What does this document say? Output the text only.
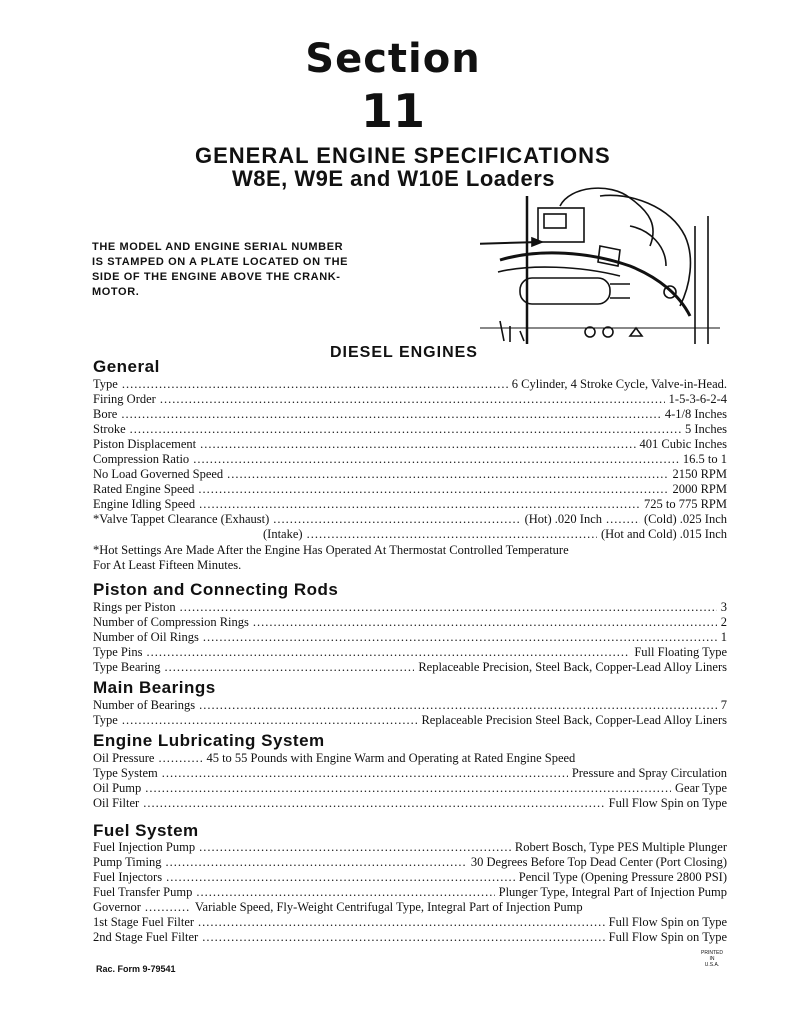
Section
11
GENERAL ENGINE SPECIFICATIONS
W8E, W9E and W10E Loaders
THE MODEL AND ENGINE SERIAL NUMBER
IS STAMPED ON A PLATE LOCATED ON THE
SIDE OF THE ENGINE ABOVE THE CRANK-
MOTOR.
DIESEL ENGINES
General
Type .....	6 Cylinder, 4 Stroke Cycle, Valve-in-Head.
Firing Order .....	1-5-3-6-2-4
Bore .....	4-1/8 Inches
Stroke .....	5 Inches
Piston Displacement .....	401 Cubic Inches
Compression Ratio .....	16.5 to 1
No Load Governed Speed .....	2150 RPM
Rated Engine Speed .....	2000 RPM
Engine Idling Speed .....	725 to 775 RPM
*Valve Tappet Clearance (Exhaust) .....	(Hot) .020 Inch .....	(Cold) .025 Inch
(Intake) .....	(Hot and Cold) .015 Inch
*Hot Settings Are Made After the Engine Has Operated At Thermostat Controlled Temperature
For At Least Fifteen Minutes.
Piston and Connecting Rods
Rings per Piston .....	3
Number of Compression Rings .....	2
Number of Oil Rings .....	1
Type Pins .....	Full Floating Type
Type Bearing .....	Replaceable Precision, Steel Back, Copper-Lead Alloy Liners
Main Bearings
Number of Bearings .....	7
Type .....	Replaceable Precision Steel Back, Copper-Lead Alloy Liners
Engine Lubricating System
Oil Pressure .....	45 to 55 Pounds with Engine Warm and Operating at Rated Engine Speed
Type System .....	Pressure and Spray Circulation
Oil Pump .....	Gear Type
Oil Filter .....	Full Flow Spin on Type
Fuel System
Fuel Injection Pump .....	Robert Bosch, Type PES Multiple Plunger
Pump Timing .....	30 Degrees Before Top Dead Center (Port Closing)
Fuel Injectors .....	Pencil Type (Opening Pressure 2800 PSI)
Fuel Transfer Pump .....	Plunger Type, Integral Part of Injection Pump
Governor .....	Variable Speed, Fly-Weight Centrifugal Type, Integral Part of Injection Pump
1st Stage Fuel Filter .....	Full Flow Spin on Type
2nd Stage Fuel Filter .....	Full Flow Spin on Type
Rac. Form 9-79541
PRINTED
IN
U.S.A.
